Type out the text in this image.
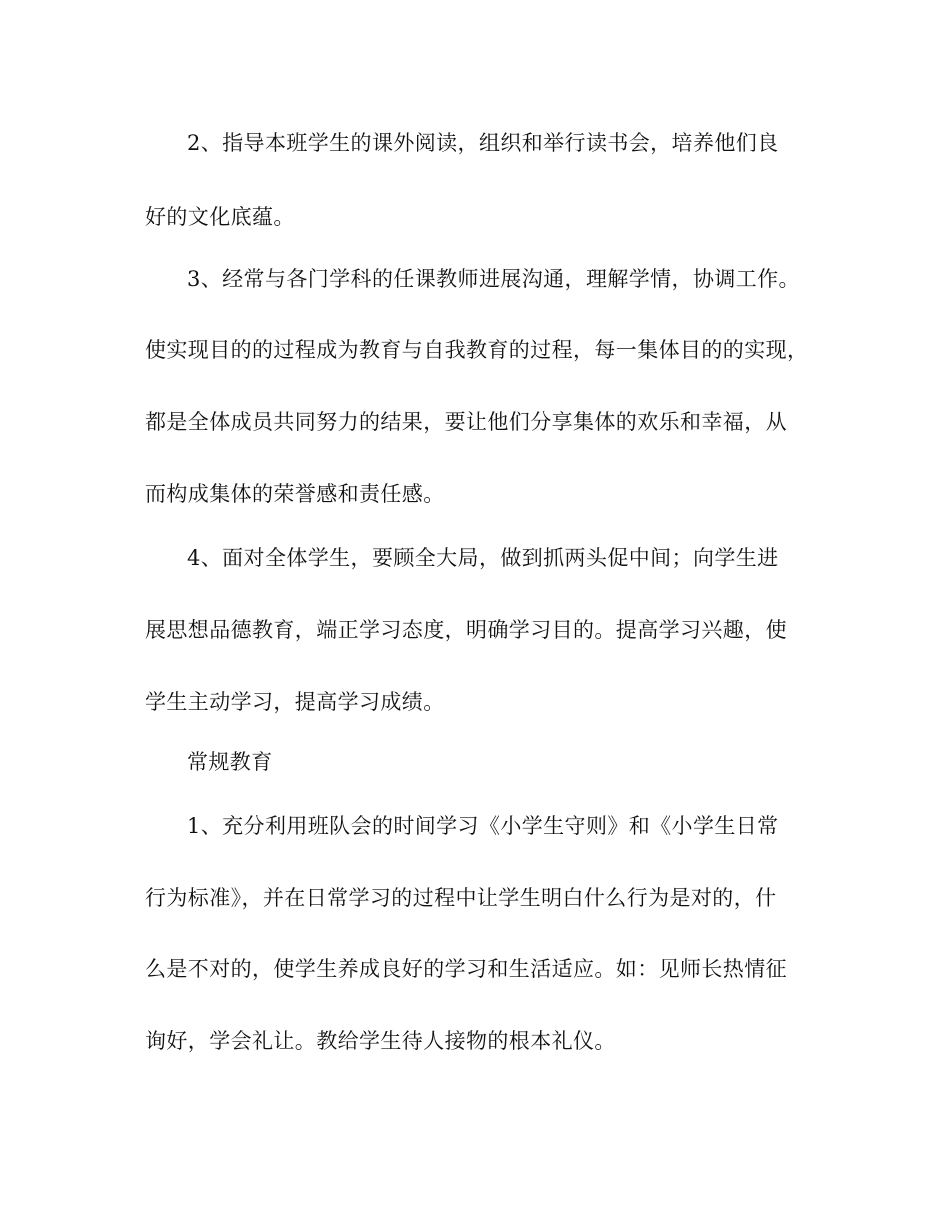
2、指导本班学生的课外阅读，组织和举行读书会，培养他们良
好的文化底蕴。
3、经常与各门学科的任课教师进展沟通，理解学情，协调工作。
使实现目的的过程成为教育与自我教育的过程，每一集体目的的实现，
都是全体成员共同努力的结果，要让他们分享集体的欢乐和幸福，从
而构成集体的荣誉感和责任感。
4、面对全体学生，要顾全大局，做到抓两头促中间；向学生进
展思想品德教育，端正学习态度，明确学习目的。提高学习兴趣，使
学生主动学习，提高学习成绩。
常规教育
1、充分利用班队会的时间学习《小学生守则》和《小学生日常
行为标准》，并在日常学习的过程中让学生明白什么行为是对的，什
么是不对的，使学生养成良好的学习和生活适应。如：见师长热情征
询好，学会礼让。教给学生待人接物的根本礼仪。
